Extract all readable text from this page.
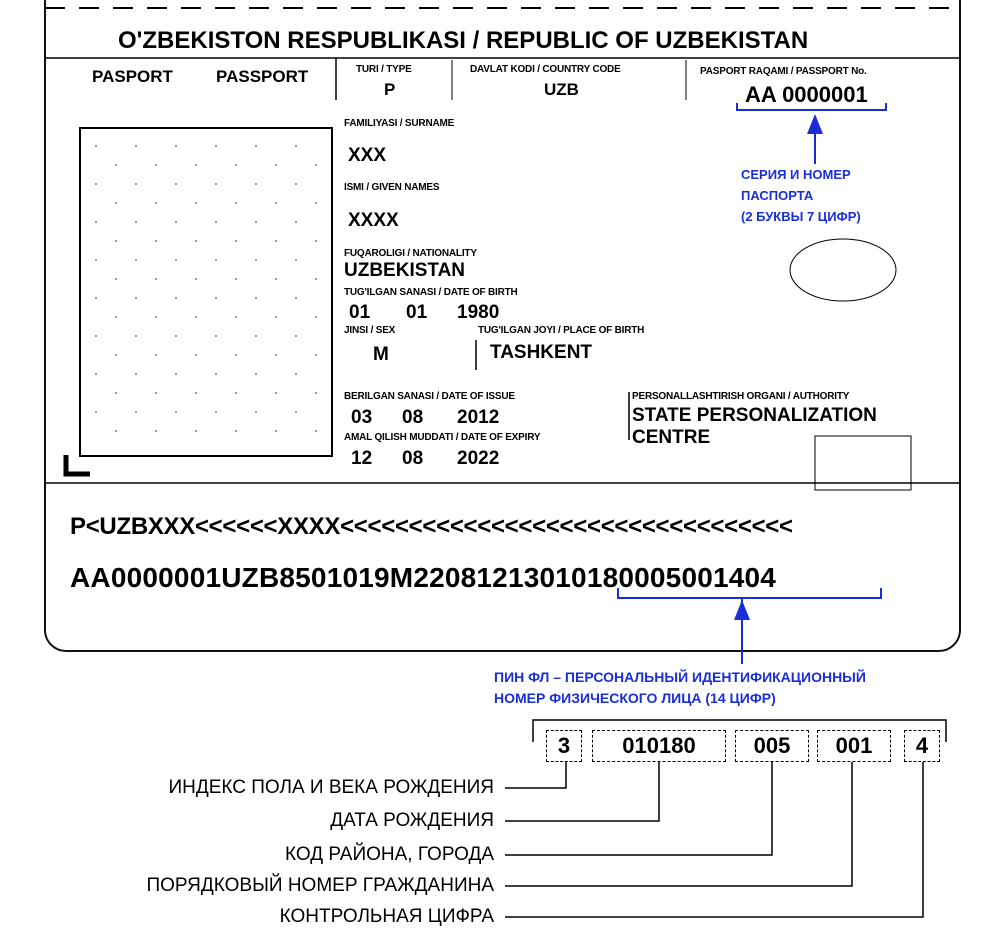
O'ZBEKISTON RESPUBLIKASI / REPUBLIC OF UZBEKISTAN
PASPORT	PASSPORT	TURI / TYPE
P
DAVLAT KODI / COUNTRY CODE
UZB
PASPORT RAQAMI / PASSPORT No.
AA 0000001
FAMILIYASI / SURNAME
XXX
ISMI / GIVEN NAMES
XXXX
FUQAROLIGI / NATIONALITY
UZBEKISTAN
TUG'ILGAN SANASI / DATE OF BIRTH
01 01 1980
JINSI / SEX	TUG'ILGAN JOYI / PLACE OF BIRTH
M	TASHKENT
BERILGAN SANASI / DATE OF ISSUE
03 08 2012
AMAL QILISH MUDDATI / DATE OF EXPIRY
12 08 2022
PERSONALLASHTIRISH ORGANI / AUTHORITY
STATE PERSONALIZATION
CENTRE
СЕРИЯ И НОМЕР
ПАСПОРТА
(2 БУКВЫ 7 ЦИФР)
P<UZBXXX<<<<<<XXXX<<<<<<<<<<<<<<<<<<<<<<<<<<<<<<<<<
AA0000001UZB8501019M22081213010180005001404
ПИН ФЛ – ПЕРСОНАЛЬНЫЙ ИДЕНТИФИКАЦИОННЫЙ
НОМЕР ФИЗИЧЕСКОГО ЛИЦА (14 ЦИФР)
3	010180	005	001	4
ИНДЕКС ПОЛА И ВЕКА РОЖДЕНИЯ
ДАТА РОЖДЕНИЯ
КОД РАЙОНА, ГОРОДА
ПОРЯДКОВЫЙ НОМЕР ГРАЖДАНИНА
КОНТРОЛЬНАЯ ЦИФРА
